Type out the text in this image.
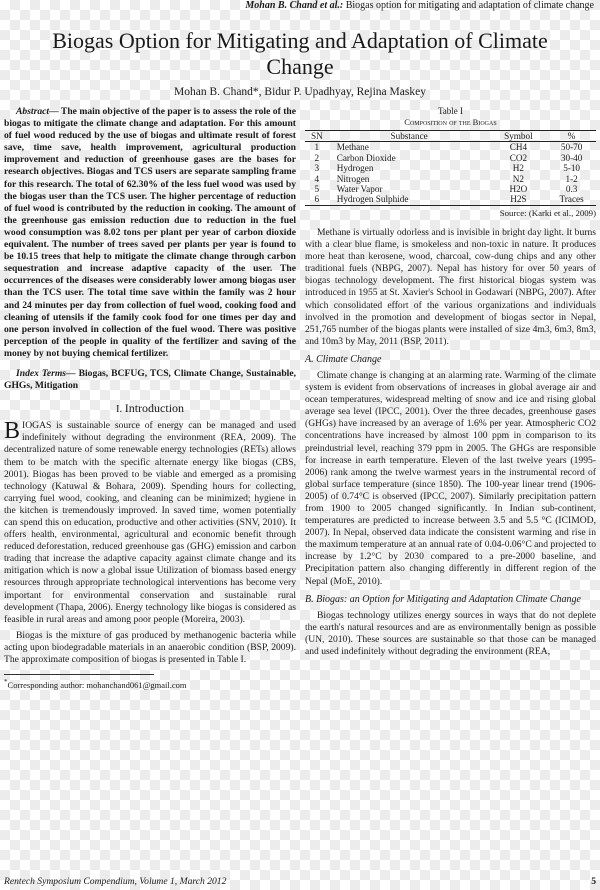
Mohan B. Chand et al.: Biogas option for mitigating and adaptation of climate change
Biogas Option for Mitigating and Adaptation of Climate Change
Mohan B. Chand*, Bidur P. Upadhyay, Rejina Maskey

Abstract— The main objective of the paper is to assess the role of the biogas to mitigate the climate change and adaptation. For this amount of fuel wood reduced by the use of biogas and ultimate result of forest save, time save, health improvement, agricultural production improvement and reduction of greenhouse gases are the bases for research objectives. Biogas and TCS users are separate sampling frame for this research. The total of 62.30% of the less fuel wood was used by the biogas user than the TCS user. The higher percentage of reduction of fuel wood is contributed by the reduction in cooking. The amount of the greenhouse gas emission reduction due to reduction in the fuel wood consumption was 8.02 tons per plant per year of carbon dioxide equivalent. The number of trees saved per plants per year is found to be 10.15 trees that help to mitigate the climate change through carbon sequestration and increase adaptive capacity of the user. The occurrences of the diseases were considerably lower among biogas user than the TCS user. The total time save within the family was 2 hour and 24 minutes per day from collection of fuel wood, cooking food and cleaning of utensils if the family cook food for one times per day and one person involved in collection of the fuel wood. There was positive perception of the people in quality of the fertilizer and saving of the money by not buying chemical fertilizer.

Index Terms— Biogas, BCFUG, TCS, Climate Change, Sustainable, GHGs, Mitigation

I. Introduction

BIOGAS is sustainable source of energy can be managed and used indefinitely without degrading the environment (REA, 2009). The decentralized nature of some renewable energy technologies (RETs) allows them to be match with the specific alternate energy like biogas (CBS, 2001). Biogas has been proved to be viable and emerged as a promising technology (Katuwal & Bohara, 2009). Spending hours for collecting, carrying fuel wood, cooking, and cleaning can be minimized; hygiene in the kitchen is tremendously improved. In saved time, women potentially can spend this on education, productive and other activities (SNV, 2010). It offers health, environmental, agricultural and economic benefit through reduced deforestation, reduced greenhouse gas (GHG) emission and carbon trading that increase the adaptive capacity against climate change and its mitigation which is now a global issue Utilization of biomass based energy resources through appropriate technological interventions has become very important for environmental conservation and sustainable rural development (Thapa, 2006). Energy technology like biogas is considered as feasible in rural areas and among poor people (Moreira, 2003).

Biogas is the mixture of gas produced by methanogenic bacteria while acting upon biodegradable materials in an anaerobic condition (BSP, 2009). The approximate composition of biogas is presented in Table I.

*Corresponding author: mohanchand061@gmail.com

Table I

Composition of the Biogas

SN	Substance	Symbol	%
1	Methane	CH4	50-70
2	Carbon Dioxide	CO2	30-40
3	Hydrogen	H2	5-10
4	Nitrogen	N2	1-2
5	Water Vapor	H2O	0.3
6	Hydrogen Sulphide	H2S	Traces

Source: (Karki et al., 2009)

Methane is virtually odorless and is invisible in bright day light. It burns with a clear blue flame, is smokeless and non-toxic in nature. It produces more heat than kerosene, wood, charcoal, cow-dung chips and any other traditional fuels (NBPG, 2007). Nepal has history for over 50 years of biogas technology development. The first historical biogas system was introduced in 1955 at St. Xavier's School in Godawari (NBPG, 2007). After which consolidated effort of the various organizations and individuals involved in the promotion and development of biogas sector in Nepal, 251,765 number of the biogas plants were installed of size 4m3, 6m3, 8m3, and 10m3 by May, 2011 (BSP, 2011).

A. Climate Change

Climate change is changing at an alarming rate. Warming of the climate system is evident from observations of increases in global average air and ocean temperatures, widespread melting of snow and ice and rising global average sea level (IPCC, 2001). Over the three decades, greenhouse gases (GHGs) have increased by an average of 1.6% per year. Atmospheric CO2 concentrations have increased by almost 100 ppm in comparison to its preindustrial level, reaching 379 ppm in 2005. The GHGs are responsible for increase in earth temperature. Eleven of the last twelve years (1995-2006) rank among the twelve warmest years in the instrumental record of global surface temperature (since 1850). The 100-year linear trend (1906-2005) of 0.74°C is observed (IPCC, 2007). Similarly precipitation pattern from 1900 to 2005 changed significantly. In Indian sub-continent, temperatures are predicted to increase between 3.5 and 5.5 °C (ICIMOD, 2007). In Nepal, observed data indicate the consistent warming and rise in the maximum temperature at an annual rate of 0.04-0.06°C and projected to increase by 1.2°C by 2030 compared to a pre-2000 baseline, and Precipitation pattern also changing differently in different region of the Nepal (MoE, 2010).

B. Biogas: an Option for Mitigating and Adaptation Climate Change

Biogas technology utilizes energy sources in ways that do not deplete the earth's natural resources and are as environmentally benign as possible (UN, 2010). These sources are sustainable so that those can be managed and used indefinitely without degrading the environment (REA,

Rentech Symposium Compendium, Volume 1, March 2012	5
